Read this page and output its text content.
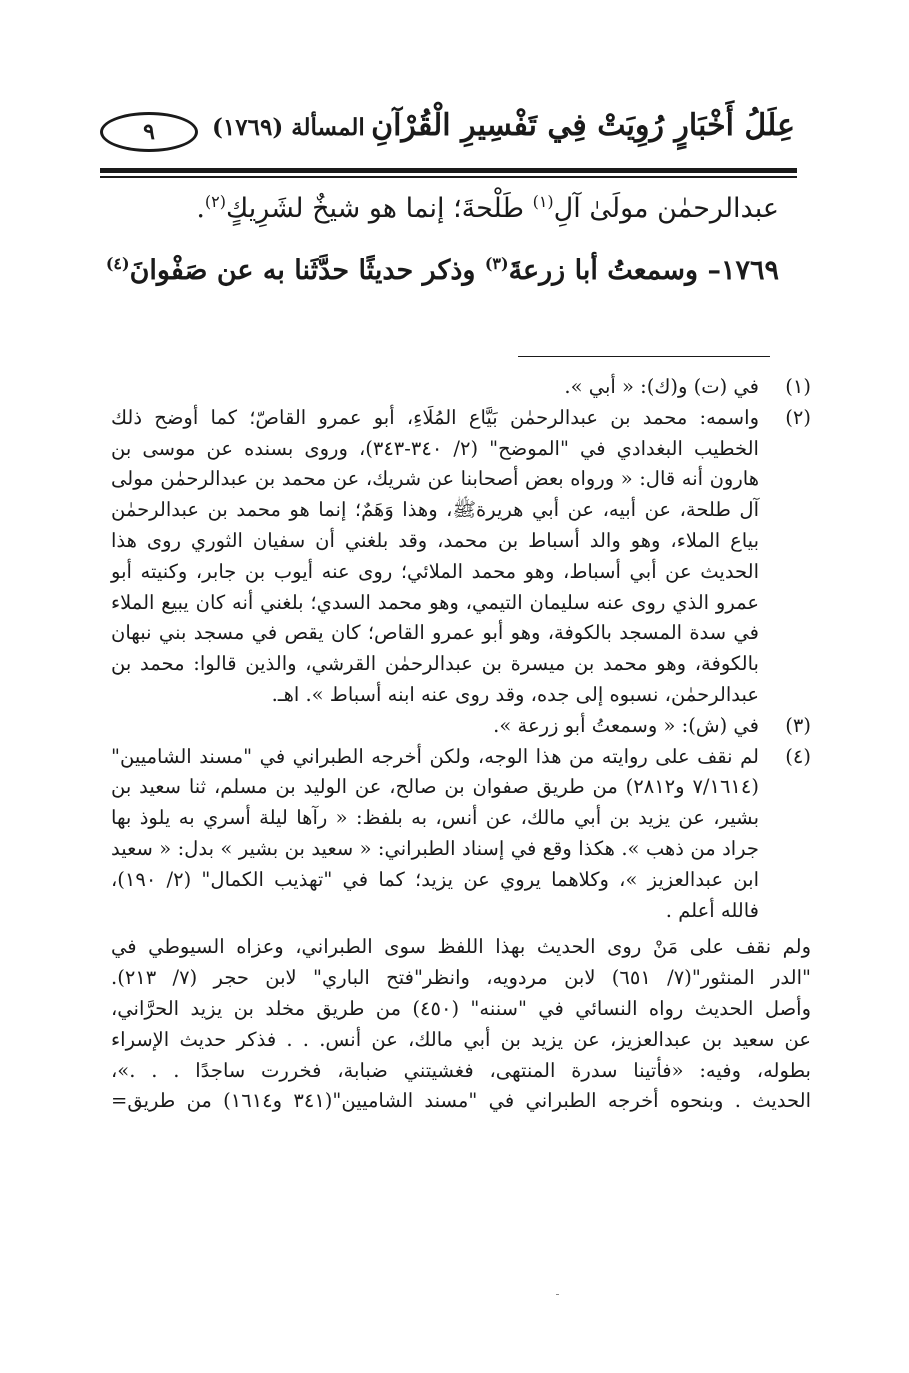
عِلَلُ أَخْبَارٍ رُوِيَتْ فِي تَفْسِيرِ الْقُرْآنِ
المسألة (١٧٦٩)
٩
عبدالرحمٰن مولَىٰ آلِ$^{(١)}$ طَلْحةَ؛ إنما هو شيخٌ لشَرِيكٍ$^{(٢)}$.
١٧٦٩– وسمعتُ أبا زرعةَ$^{(٣)}$ وذكر حديثًا حدَّثَنا به عن صَفْوانَ$^{(٤)}$
(١)
في (ت) و(ك): « أبي ».
(٢)
واسمه: محمد بن عبدالرحمٰن بَيَّاع المُلَاءِ، أبو عمرو القاصّ؛ كما أوضح ذلك
الخطيب البغدادي في "الموضح" (٢/ ٣٤٠-٣٤٣)، وروى بسنده عن موسى بن
هارون أنه قال: « ورواه بعض أصحابنا عن شريك، عن محمد بن عبدالرحمٰن مولى
آل طلحة، عن أبيه، عن أبي هريرةﷺ، وهذا وَهَمٌ؛ إنما هو محمد بن عبدالرحمٰن
بياع الملاء، وهو والد أسباط بن محمد، وقد بلغني أن سفيان الثوري روى هذا
الحديث عن أبي أسباط، وهو محمد الملائي؛ روى عنه أيوب بن جابر، وكنيته أبو
عمرو الذي روى عنه سليمان التيمي، وهو محمد السدي؛ بلغني أنه كان يبيع الملاء
في سدة المسجد بالكوفة، وهو أبو عمرو القاص؛ كان يقص في مسجد بني نبهان
بالكوفة، وهو محمد بن ميسرة بن عبدالرحمٰن القرشي، والذين قالوا: محمد بن
عبدالرحمٰن، نسبوه إلى جده، وقد روى عنه ابنه أسباط ». اهـ.
(٣)
في (ش): « وسمعتُ أبو زرعة ».
(٤)
لم نقف على روايته من هذا الوجه، ولكن أخرجه الطبراني في "مسند الشاميين"
(٧/١٦١٤ و٢٨١٢) من طريق صفوان بن صالح، عن الوليد بن مسلم، ثنا سعيد بن
بشير، عن يزيد بن أبي مالك، عن أنس، به بلفظ: « رآها ليلة أسري به يلوذ بها
جراد من ذهب ». هكذا وقع في إسناد الطبراني: « سعيد بن بشير » بدل: « سعيد
ابن عبدالعزيز »، وكلاهما يروي عن يزيد؛ كما في "تهذيب الكمال" (٢/ ١٩٠)،
فالله أعلم .
ولم نقف على مَنْ روى الحديث بهذا اللفظ سوى الطبراني، وعزاه السيوطي في
"الدر المنثور"(٧/ ٦٥١) لابن مردويه، وانظر"فتح الباري" لابن حجر (٧/ ٢١٣).
وأصل الحديث رواه النسائي في "سننه" (٤٥٠) من طريق مخلد بن يزيد الحرَّاني،
عن سعيد بن عبدالعزيز، عن يزيد بن أبي مالك، عن أنس. . . فذكر حديث الإسراء
بطوله، وفيه: «فأتينا سدرة المنتهى، فغشيتني ضبابة، فخررت ساجدًا . . .»،
الحديث . وبنحوه أخرجه الطبراني في "مسند الشاميين"(٣٤١ و١٦١٤) من طريق=
